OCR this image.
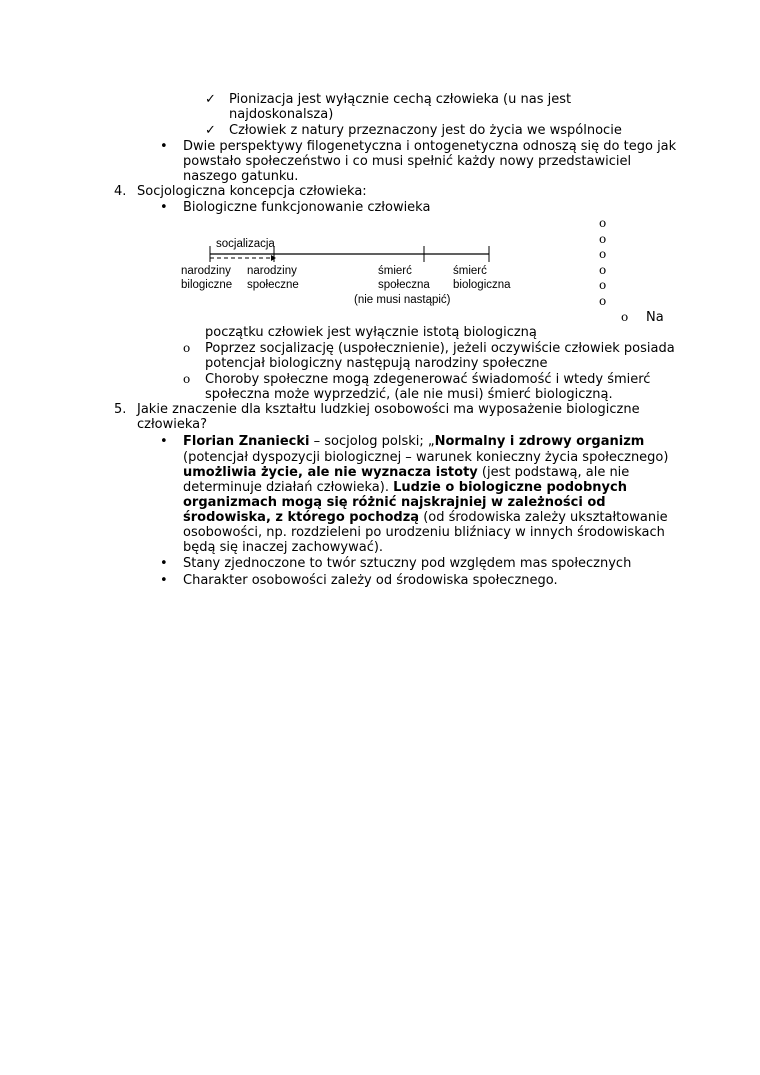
✓ Pionizacja jest wyłącznie cechą człowieka (u nas jest
najdoskonalsza)
✓ Człowiek z natury przeznaczony jest do życia we wspólnocie
• Dwie perspektywy filogenetyczna i ontogenetyczna odnoszą się do tego jak
powstało społeczeństwo i co musi spełnić każdy nowy przedstawiciel
naszego gatunku.
4. Socjologiczna koncepcja człowieka:
• Biologiczne funkcjonowanie człowieka
o
o
o
o
o
o
socjalizacja
narodziny
bilogiczne
narodziny
społeczne
śmierć
społeczna
(nie musi nastąpić)
śmierć
biologiczna
o Na
początku człowiek jest wyłącznie istotą biologiczną
o Poprzez socjalizację (uspołecznienie), jeżeli oczywiście człowiek posiada
potencjał biologiczny następują narodziny społeczne
o Choroby społeczne mogą zdegenerować świadomość i wtedy śmierć
społeczna może wyprzedzić, (ale nie musi) śmierć biologiczną.
5. Jakie znaczenie dla kształtu ludzkiej osobowości ma wyposażenie biologiczne
człowieka?
• Florian Znaniecki – socjolog polski; „Normalny i zdrowy organizm
(potencjał dyspozycji biologicznej – warunek konieczny życia społecznego)
umożliwia życie, ale nie wyznacza istoty (jest podstawą, ale nie
determinuje działań człowieka). Ludzie o biologiczne podobnych
organizmach mogą się różnić najskrajniej w zależności od
środowiska, z którego pochodzą (od środowiska zależy ukształtowanie
osobowości, np. rozdzieleni po urodzeniu bliźniacy w innych środowiskach
będą się inaczej zachowywać).
• Stany zjednoczone to twór sztuczny pod względem mas społecznych
• Charakter osobowości zależy od środowiska społecznego.
